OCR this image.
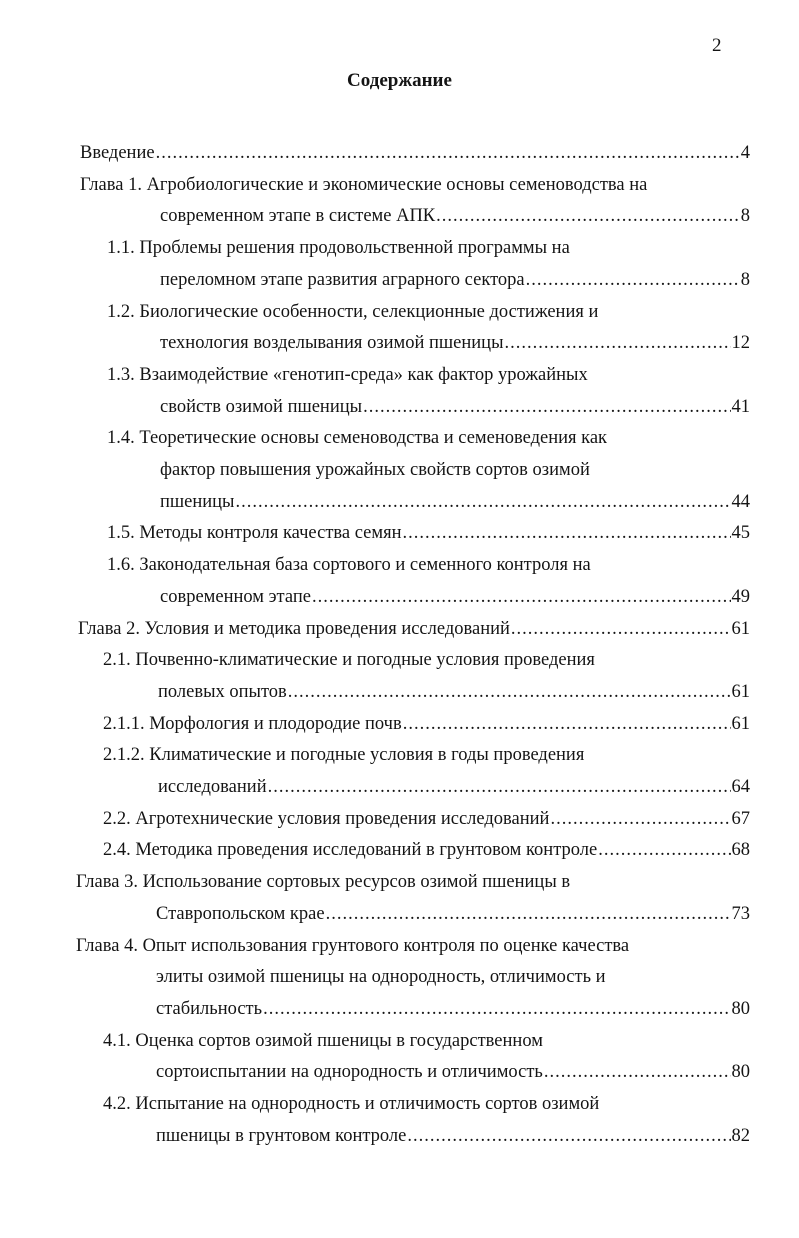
2
Содержание
Введение .....	4
Глава 1. Агробиологические и экономические основы семеноводства на
современном этапе в системе АПК .....	8
1.1. Проблемы решения продовольственной программы на
переломном этапе развития аграрного сектора .....	8
1.2. Биологические особенности, селекционные достижения и
технология возделывания озимой пшеницы .....	12
1.3. Взаимодействие «генотип-среда» как фактор урожайных
свойств озимой пшеницы .....	41
1.4. Теоретические основы семеноводства и семеноведения как
фактор повышения урожайных свойств сортов озимой
пшеницы .....	44
1.5. Методы контроля качества семян .....	45
1.6. Законодательная база сортового и семенного контроля на
современном этапе .....	49
Глава 2. Условия и методика проведения исследований .....	61
2.1. Почвенно-климатические и погодные условия проведения
полевых опытов .....	61
2.1.1. Морфология и плодородие почв .....	61
2.1.2. Климатические и погодные условия в годы проведения
исследований .....	64
2.2. Агротехнические условия проведения исследований .....	67
2.4. Методика проведения исследований в грунтовом контроле .....	68
Глава 3. Использование сортовых ресурсов озимой пшеницы в
Ставропольском крае .....	73
Глава 4. Опыт использования грунтового контроля по оценке качества
элиты озимой пшеницы на однородность, отличимость и
стабильность .....	80
4.1. Оценка сортов озимой пшеницы в государственном
сортоиспытании на однородность и отличимость .....	80
4.2. Испытание на однородность и отличимость сортов озимой
пшеницы в грунтовом контроле .....	82
